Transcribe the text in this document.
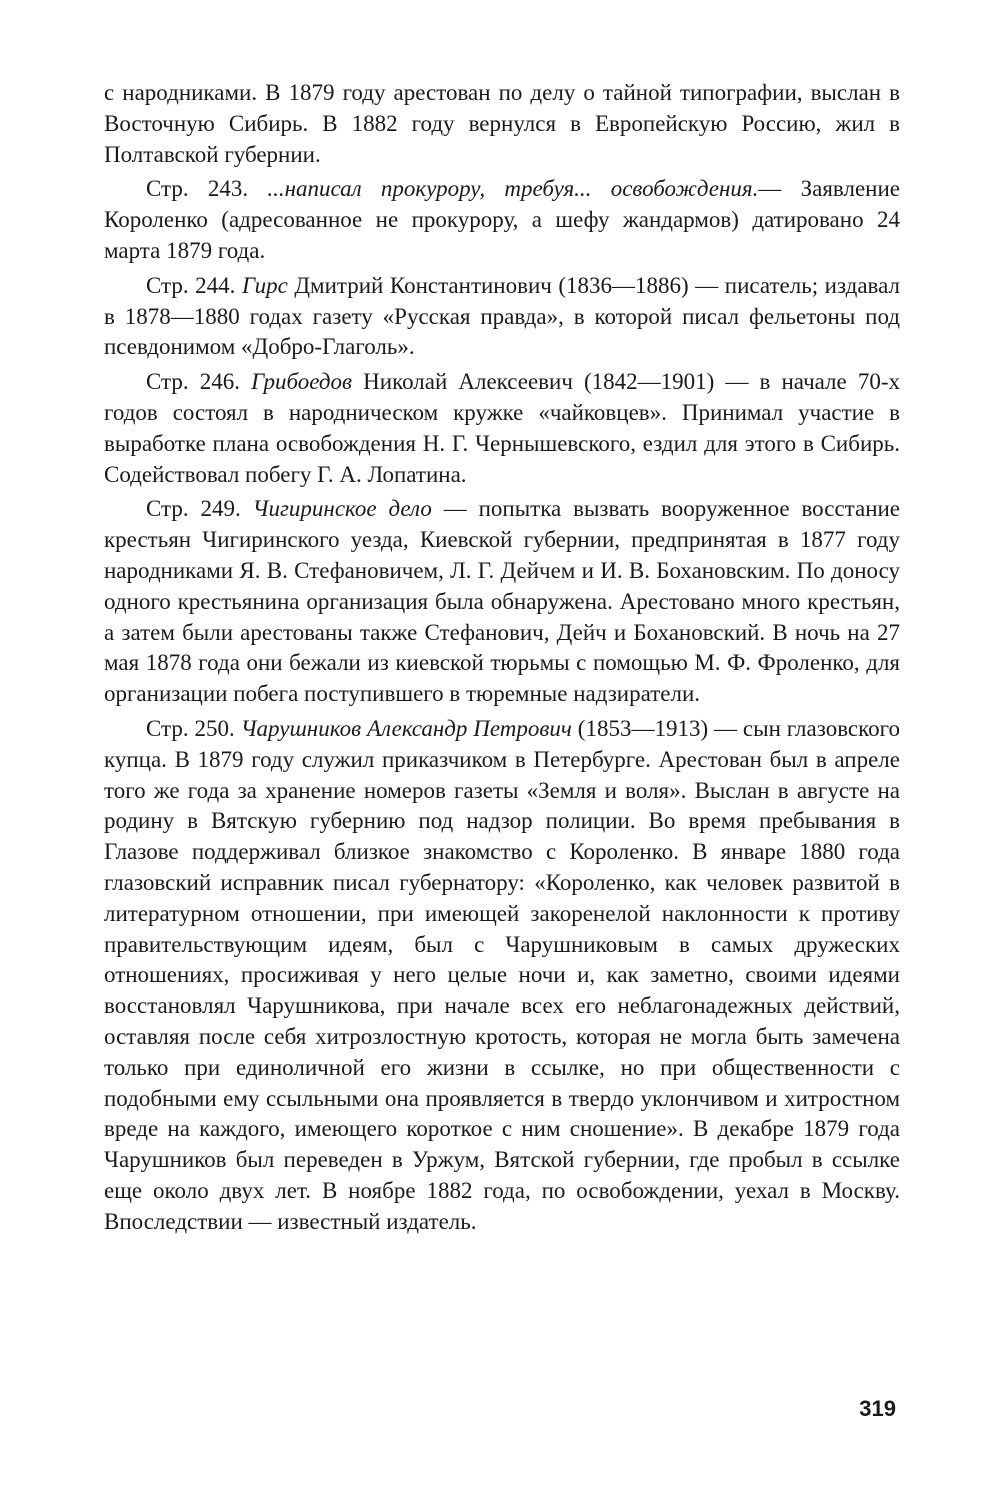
с народниками. В 1879 году арестован по делу о тайной типографии, выслан в Восточную Сибирь. В 1882 году вернулся в Европейскую Россию, жил в Полтавской губернии.

Стр. 243. ...написал прокурору, требуя... освобождения.— Заявление Короленко (адресованное не прокурору, а шефу жандармов) датировано 24 марта 1879 года.

Стр. 244. Гирс Дмитрий Константинович (1836—1886) — писатель; издавал в 1878—1880 годах газету «Русская правда», в которой писал фельетоны под псевдонимом «Добро-Глаголь».

Стр. 246. Грибоедов Николай Алексеевич (1842—1901) — в начале 70-х годов состоял в народническом кружке «чайковцев». Принимал участие в выработке плана освобождения Н. Г. Чернышевского, ездил для этого в Сибирь. Содействовал побегу Г. А. Лопатина.

Стр. 249. Чигиринское дело — попытка вызвать вооруженное восстание крестьян Чигиринского уезда, Киевской губернии, предпринятая в 1877 году народниками Я. В. Стефановичем, Л. Г. Дейчем и И. В. Бохановским. По доносу одного крестьянина организация была обнаружена. Арестовано много крестьян, а затем были арестованы также Стефанович, Дейч и Бохановский. В ночь на 27 мая 1878 года они бежали из киевской тюрьмы с помощью М. Ф. Фроленко, для организации побега поступившего в тюремные надзиратели.

Стр. 250. Чарушников Александр Петрович (1853—1913) — сын глазовского купца. В 1879 году служил приказчиком в Петербурге. Арестован был в апреле того же года за хранение номеров газеты «Земля и воля». Выслан в августе на родину в Вятскую губернию под надзор полиции. Во время пребывания в Глазове поддерживал близкое знакомство с Короленко. В январе 1880 года глазовский исправник писал губернатору: «Короленко, как человек развитой в литературном отношении, при имеющей закоренелой наклонности к противу правительствующим идеям, был с Чарушниковым в самых дружеских отношениях, просиживая у него целые ночи и, как заметно, своими идеями восстановлял Чарушникова, при начале всех его неблагонадежных действий, оставляя после себя хитрозлостную кротость, которая не могла быть замечена только при единоличной его жизни в ссылке, но при общественности с подобными ему ссыльными она проявляется в твердо уклончивом и хитростном вреде на каждого, имеющего короткое с ним сношение». В декабре 1879 года Чарушников был переведен в Уржум, Вятской губернии, где пробыл в ссылке еще около двух лет. В ноябре 1882 года, по освобождении, уехал в Москву. Впоследствии — известный издатель.

319
